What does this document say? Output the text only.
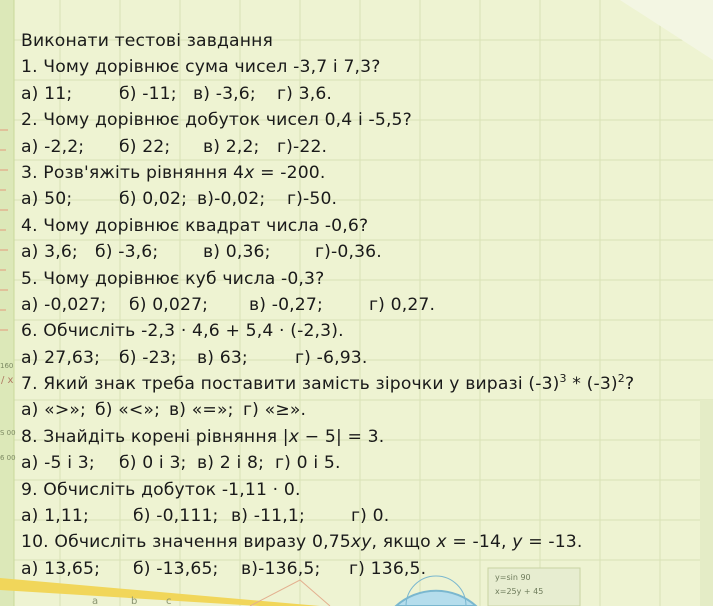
160
/ x
S 00
6 00
y=sin 90
x=25y + 45
a	b	c
Виконати тестові завдання
1. Чому дорівнює сума чисел -3,7 і 7,3?
а) 11;	б) -11; в) -3,6; г) 3,6.
2. Чому дорівнює добуток чисел 0,4 і -5,5?
а) -2,2; б) 22; в) 2,2; г)-22.
3. Розв'яжіть рівняння 4x = -200.
а) 50;	б) 0,02; в)-0,02; г)-50.
4. Чому дорівнює квадрат числа -0,6?
а) 3,6; б) -3,6;	в) 0,36;	г)-0,36.
5. Чому дорівнює куб числа -0,3?
а) -0,027; б) 0,027; в) -0,27;	г) 0,27.
6. Обчисліть -2,3 · 4,6 + 5,4 · (-2,3).
а) 27,63; б) -23; в) 63;	г) -6,93.
7. Який знак треба поставити замість зірочки у виразі $(-3)^3 * (-3)^2$?
а) «>»; б) «<»; в) «=»; г) «≥».
8. Знайдіть корені рівняння |x − 5| = 3.
а) -5 і 3; б) 0 і 3; в) 2 і 8; г) 0 і 5.
9. Обчисліть добуток -1,11 · 0.
а) 1,11;	б) -0,111; в) -11,1;	г) 0.
10. Обчисліть значення виразу 0,75xy, якщо x = -14, y = -13.
а) 13,65; б) -13,65; в)-136,5; г) 136,5.
